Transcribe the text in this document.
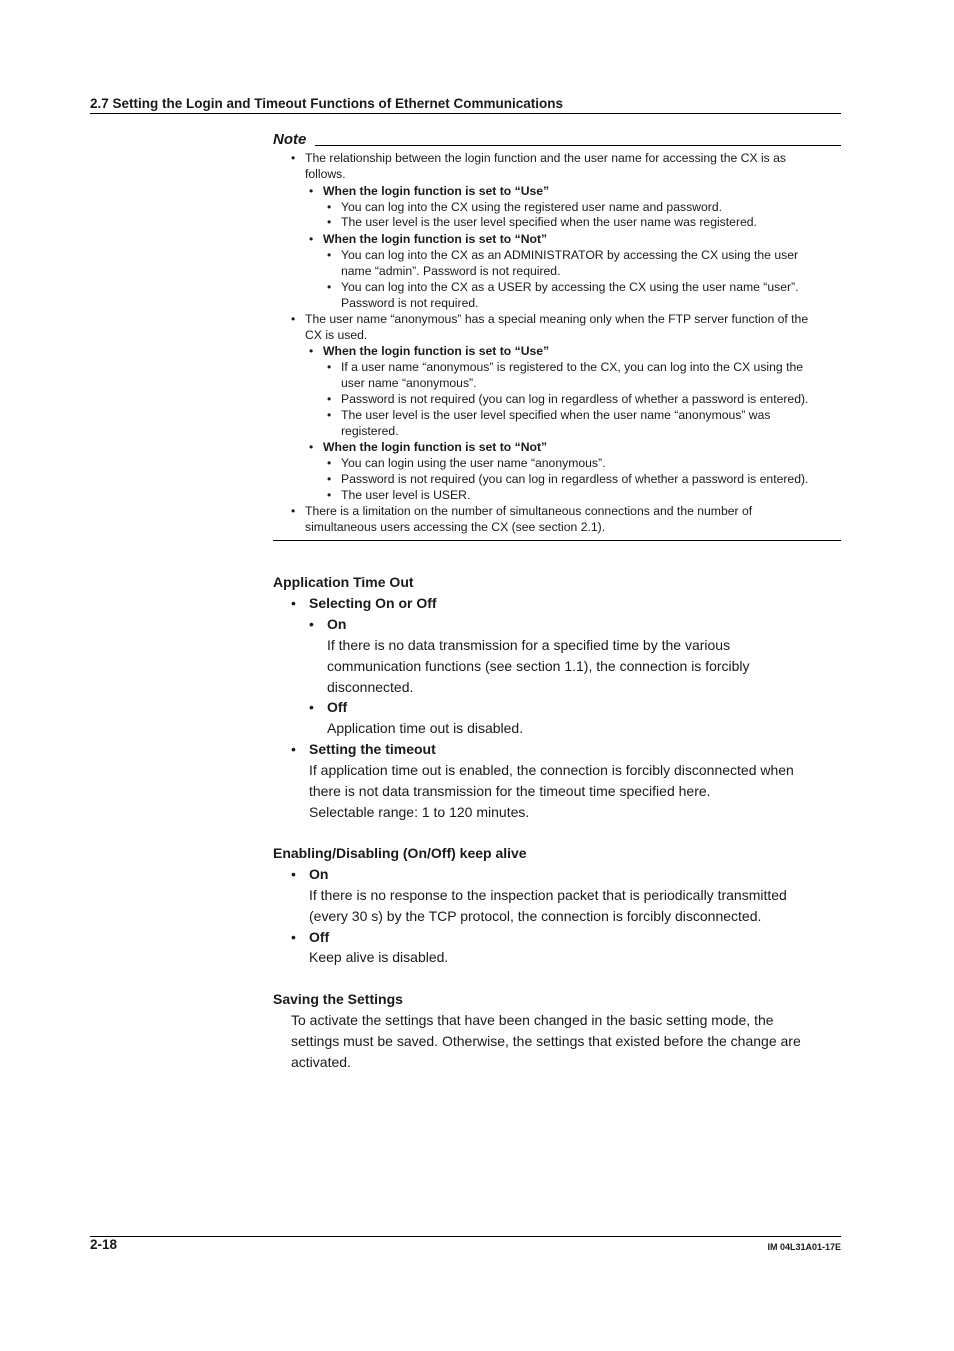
2.7 Setting the Login and Timeout Functions of Ethernet Communications
Note
• The relationship between the login function and the user name for accessing the CX is as
follows.
• When the login function is set to “Use”
• You can log into the CX using the registered user name and password.
• The user level is the user level specified when the user name was registered.
• When the login function is set to “Not”
• You can log into the CX as an ADMINISTRATOR by accessing the CX using the user
name “admin”. Password is not required.
• You can log into the CX as a USER by accessing the CX using the user name “user”.
Password is not required.
• The user name “anonymous” has a special meaning only when the FTP server function of the
CX is used.
• When the login function is set to “Use”
• If a user name “anonymous” is registered to the CX, you can log into the CX using the
user name “anonymous”.
• Password is not required (you can log in regardless of whether a password is entered).
• The user level is the user level specified when the user name “anonymous” was
registered.
• When the login function is set to “Not”
• You can login using the user name “anonymous”.
• Password is not required (you can log in regardless of whether a password is entered).
• The user level is USER.
• There is a limitation on the number of simultaneous connections and the number of
simultaneous users accessing the CX (see section 2.1).
Application Time Out
• Selecting On or Off
• On
If there is no data transmission for a specified time by the various
communication functions (see section 1.1), the connection is forcibly
disconnected.
• Off
Application time out is disabled.
• Setting the timeout
If application time out is enabled, the connection is forcibly disconnected when
there is not data transmission for the timeout time specified here.
Selectable range: 1 to 120 minutes.
Enabling/Disabling (On/Off) keep alive
• On
If there is no response to the inspection packet that is periodically transmitted
(every 30 s) by the TCP protocol, the connection is forcibly disconnected.
• Off
Keep alive is disabled.
Saving the Settings
To activate the settings that have been changed in the basic setting mode, the
settings must be saved. Otherwise, the settings that existed before the change are
activated.
2-18	IM 04L31A01-17E
